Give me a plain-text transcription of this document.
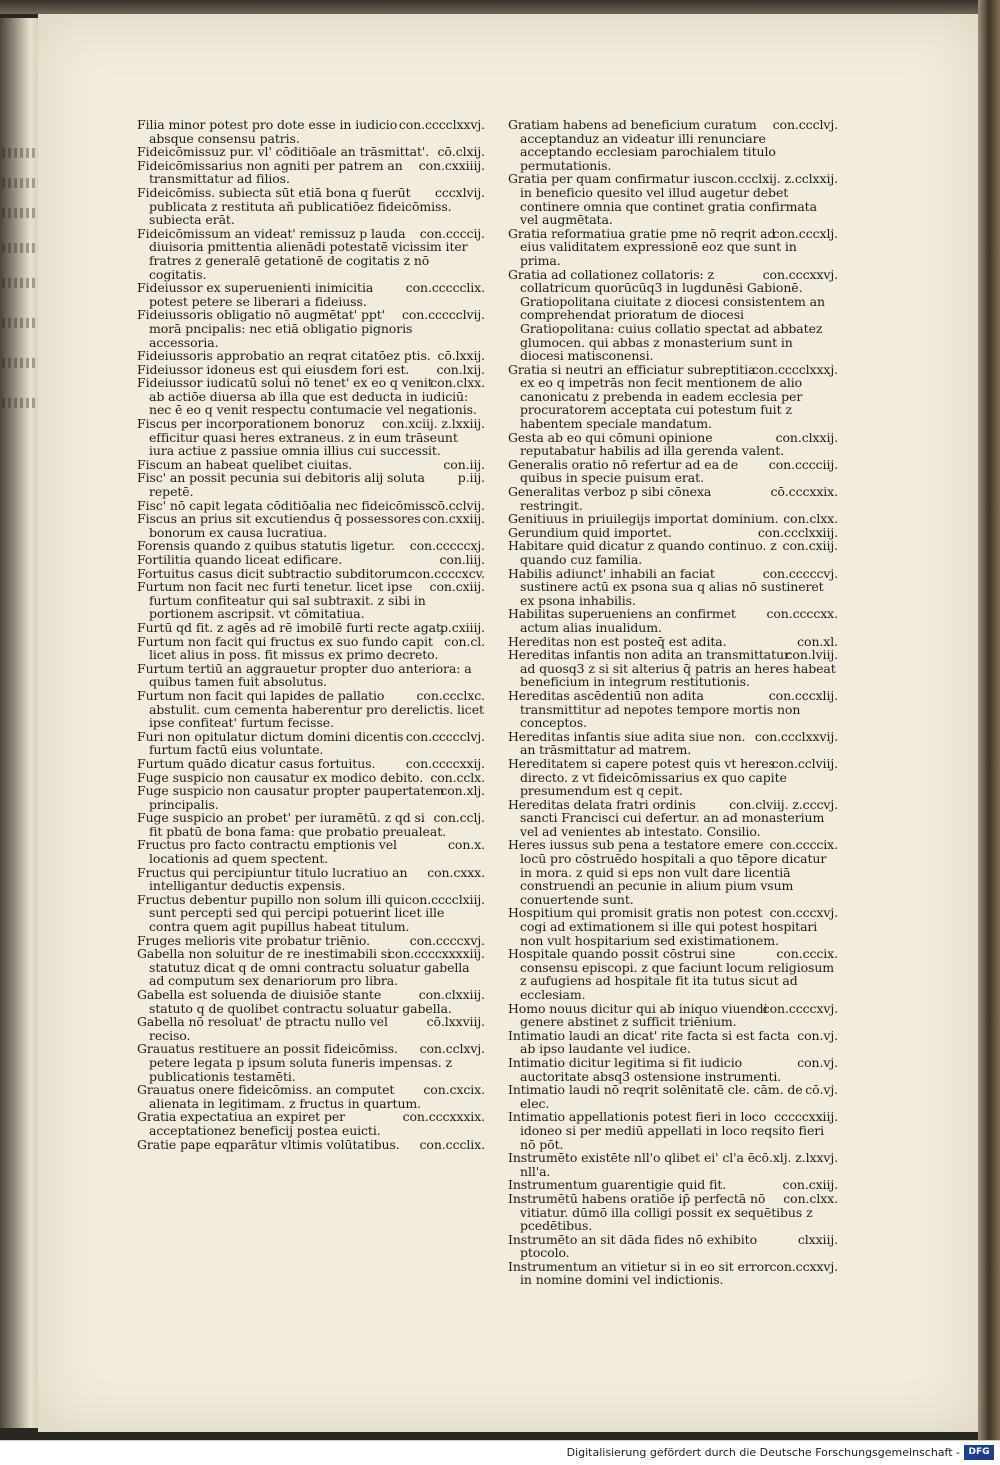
con.cccclxxvj.
Filia minor potest pro dote esse in iudicio absque consensu patris.

cō.clxij.
Fideicōmissuz pur. vl' cōditiōale an trāsmittat'.

con.cxxiiij.
Fideicōmissarius non agniti per patrem an transmittatur ad filios.

cccxlvij.
Fideicōmiss. subiecta sūt etiā bona q fuerūt publicata z restituta añ publicatiōez fideicōmiss. subiecta erāt.

con.ccccij.
Fideicōmissum an videat' remissuz p lauda diuisoria pmittentia alienādi potestatē vicissim iter fratres z generalē getationē de cogitatis z nō cogitatis.

con.ccccclix.
Fideiussor ex superuenienti inimicitia potest petere se liberari a fideiuss.

con.ccccclvij.
Fideiussoris obligatio nō augmētat' ppt' morā pncipalis: nec etiā obligatio pignoris accessoria.

cō.lxxij.
Fideiussoris approbatio an reqrat citatōez ptis.

con.lxij.
Fideiussor idoneus est qui eiusdem fori est.

con.clxx.
Fideiussor iudicatū solui nō tenet' ex eo q venit ab actiōe diuersa ab illa que est deducta in iudiciū: nec ē eo q venit respectu contumacie vel negationis.

con.xciij. z.lxxiij.
Fiscus per incorporationem bonoruz efficitur quasi heres extraneus. z in eum trāseunt iura actiue z passiue omnia illius cui successit.

con.iij.
Fiscum an habeat quelibet ciuitas.

p.iij.
Fisc' an possit pecunia sui debitoris alij soluta repetē.

cō.cclvij.
Fisc' nō capit legata cōditiōalia nec fideicōmiss.

con.cxxiij.
Fiscus an prius sit excutiendus q̄ possessores bonorum ex causa lucratiua.

con.cccccxj.
Forensis quando z quibus statutis ligetur.

con.liij.
Fortilitia quando liceat edificare.

con.ccccxcv.
Fortuitus casus dicit subtractio subditorum.

con.cxiij.
Furtum non facit nec furti tenetur. licet ipse furtum confiteatur qui sal subtraxit. z sibi in portionem ascripsit. vt cōmitatiua.

p.cxiiij.
Furtū qd fit. z agēs ad rē imobilē furti recte agat.

con.cl.
Furtum non facit qui fructus ex suo fundo capit licet alius in poss. fit missus ex primo decreto.

Furtum tertiū an aggrauetur propter duo anteriora: a quibus tamen fuit absolutus.

con.ccclxc.
Furtum non facit qui lapides de pallatio abstulit. cum cementa haberentur pro derelictis. licet ipse confiteat' furtum fecisse.

con.ccccclvj.
Furi non opitulatur dictum domini dicentis furtum factū eius voluntate.

con.ccccxxij.
Furtum quādo dicatur casus fortuitus.

con.cclx.
Fuge suspicio non causatur ex modico debito.

con.xlj.
Fuge suspicio non causatur propter paupertatem principalis.

con.cclj.
Fuge suspicio an probet' per iuramētū. z qd si fit pbatū de bona fama: que probatio preualeat.

con.x.
Fructus pro facto contractu emptionis vel locationis ad quem spectent.

con.cxxx.
Fructus qui percipiuntur titulo lucratiuo an intelligantur deductis expensis.

con.cccclxiij.
Fructus debentur pupillo non solum illi qui sunt percepti sed qui percipi potuerint licet ille contra quem agit pupillus habeat titulum.

con.ccccxvj.
Fruges melioris vite probatur triēnio.

con.ccccxxxxiij.
Gabella non soluitur de re inestimabili si statutuz dicat q de omni contractu soluatur gabella ad computum sex denariorum pro libra.

con.clxxiij.
Gabella est soluenda de diuisiōe stante statuto q de quolibet contractu soluatur gabella.

cō.lxxviij.
Gabella nō resoluat' de ptractu nullo vel reciso.

con.cclxvj.
Grauatus restituere an possit fideicōmiss. petere legata p ipsum soluta funeris impensas. z publicationis testamēti.

con.cxcix.
Grauatus onere fideicōmiss. an computet alienata in legitimam. z fructus in quartum.

con.cccxxxix.
Gratia expectatiua an expiret per acceptationez beneficij postea euicti.

con.ccclix.
Gratie pape eqparātur vltimis volūtatibus.

con.ccclvj.
Gratiam habens ad beneficium curatum acceptanduz an videatur illi renunciare acceptando ecclesiam parochialem titulo permutationis.

con.ccclxij. z.cclxxij.
Gratia per quam confirmatur ius in beneficio quesito vel illud augetur debet continere omnia que continet gratia confirmata vel augmētata.

con.cccxlj.
Gratia reformatiua gratie pme nō reqrit ad eius validitatem expressionē eoz que sunt in prima.

con.cccxxvj.
Gratia ad collationez collatoris: z collatricum quorūcūq3 in lugdunēsi Gabionē. Gratiopolitana ciuitate z diocesi consistentem an comprehendat prioratum de diocesi Gratiopolitana: cuius collatio spectat ad abbatez glumocen. qui abbas z monasterium sunt in diocesi matisconensi.

con.cccclxxxj.
Gratia si neutri an efficiatur subreptitia ex eo q impetrās non fecit mentionem de alio canonicatu z prebenda in eadem ecclesia per procuratorem acceptata cui potestum fuit z habentem speciale mandatum.

con.clxxij.
Gesta ab eo qui cōmuni opinione reputabatur habilis ad illa gerenda valent.

con.cccciij.
Generalis oratio nō refertur ad ea de quibus in specie puisum erat.

cō.cccxxix.
Generalitas verboz p sibi cōnexa restringit.

con.clxx.
Genitiuus in priuilegijs importat dominium.

con.ccclxxiij.
Gerundium quid importet.

con.cxiij.
Habitare quid dicatur z quando continuo. z quando cuz familia.

con.cccccvj.
Habilis adiunct' inhabili an faciat sustinere actū ex psona sua q alias nō sustineret ex psona inhabilis.

con.ccccxx.
Habilitas superueniens an confirmet actum alias inualidum.

con.xl.
Hereditas non est posteq̄ est adita.

con.lviij.
Hereditas infantis non adita an transmittatur ad quosq3 z si sit alterius q̄ patris an heres habeat beneficium in integrum restitutionis.

con.cccxlij.
Hereditas ascēdentiū non adita transmittitur ad nepotes tempore mortis non conceptos.

con.ccclxxvij.
Hereditas infantis siue adita siue non. an trāsmittatur ad matrem.

con.cclviij.
Hereditatem si capere potest quis vt heres directo. z vt fideicōmissarius ex quo capite presumendum est q cepit.

con.clviij. z.cccvj.
Hereditas delata fratri ordinis sancti Francisci cui defertur. an ad monasterium vel ad venientes ab intestato. Consilio.

con.ccccix.
Heres iussus sub pena a testatore emere locū pro cōstruēdo hospitali a quo tēpore dicatur in mora. z quid si eps non vult dare licentiā construendi an pecunie in alium pium vsum conuertende sunt.

con.cccxvj.
Hospitium qui promisit gratis non potest cogi ad extimationem si ille qui potest hospitari non vult hospitarium sed existimationem.

con.cccix.
Hospitale quando possit cōstrui sine consensu episcopi. z que faciunt locum religiosum z aufugiens ad hospitale fit ita tutus sicut ad ecclesiam.

con.ccccxvj.
Homo nouus dicitur qui ab iniquo viuendi genere abstinet z sufficit triēnium.

con.vj.
Intimatio laudi an dicat' rite facta si est facta ab ipso laudante vel iudice.

con.vj.
Intimatio dicitur legitima si fit iudicio auctoritate absq3 ostensione instrumenti.

cō.vj.
Intimatio laudi nō reqrit solēnitatē cle. cām. de elec.

cccccxxiij.
Intimatio appellationis potest fieri in loco idoneo si per mediū appellati in loco reqsito fieri nō pōt.

cō.xlj. z.lxxvj.
Instrumēto existēte nll'o qlibet ei' cl'a ē nll'a.

con.cxiij.
Instrumentum guarentigie quid fit.

con.clxx.
Instrumētū habens oratiōe ip̄ perfectā nō vitiatur. dūmō illa colligi possit ex sequētibus z pcedētibus.

clxxiij.
Instrumēto an sit dāda fides nō exhibito ptocolo.

con.ccxxvj.
Instrumentum an vitietur si in eo sit error in nomine domini vel indictionis.

Digitalisierung gefördert durch die Deutsche Forschungsgemeinschaft - DFG
